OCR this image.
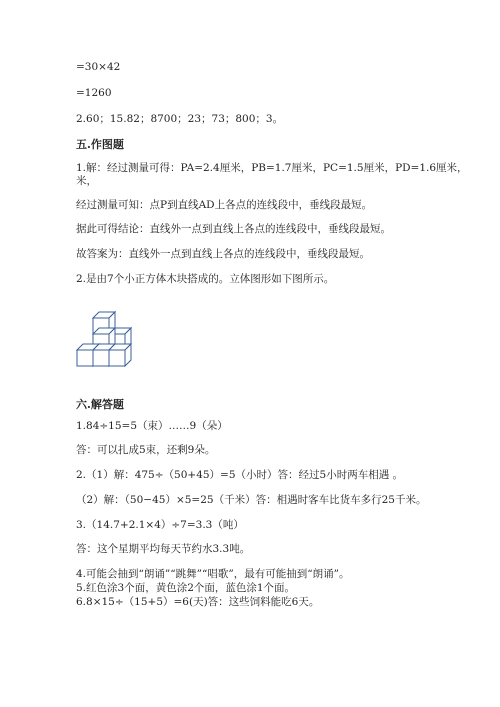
=30×42
=1260
2.60；15.82；8700；23；73；800；3。
五.作图题
1.解：经过测量可得：PA=2.4厘米，PB=1.7厘米，PC=1.5厘米，PD=1.6厘米，
米，
经过测量可知：点P到直线AD上各点的连线段中，垂线段最短。
据此可得结论：直线外一点到直线上各点的连线段中，垂线段最短。
故答案为：直线外一点到直线上各点的连线段中，垂线段最短。
2.是由7个小正方体木块搭成的。立体图形如下图所示。
六.解答题
1.84÷15=5（束）……9（朵）
答：可以扎成5束，还剩9朵。
2.（1）解：475÷（50+45）=5（小时）答：经过5小时两车相遇 。
（2）解：（50−45）×5=25（千米）答：相遇时客车比货车多行25千米。
3.（14.7+2.1×4）÷7=3.3（吨）
答：这个星期平均每天节约水3.3吨。
4.可能会抽到“朗诵”“跳舞”“唱歌”，最有可能抽到“朗诵”。
5.红色涂3个面，黄色涂2个面，蓝色涂1个面。
6.8×15÷（15+5）=6(天)答：这些饲料能吃6天。
